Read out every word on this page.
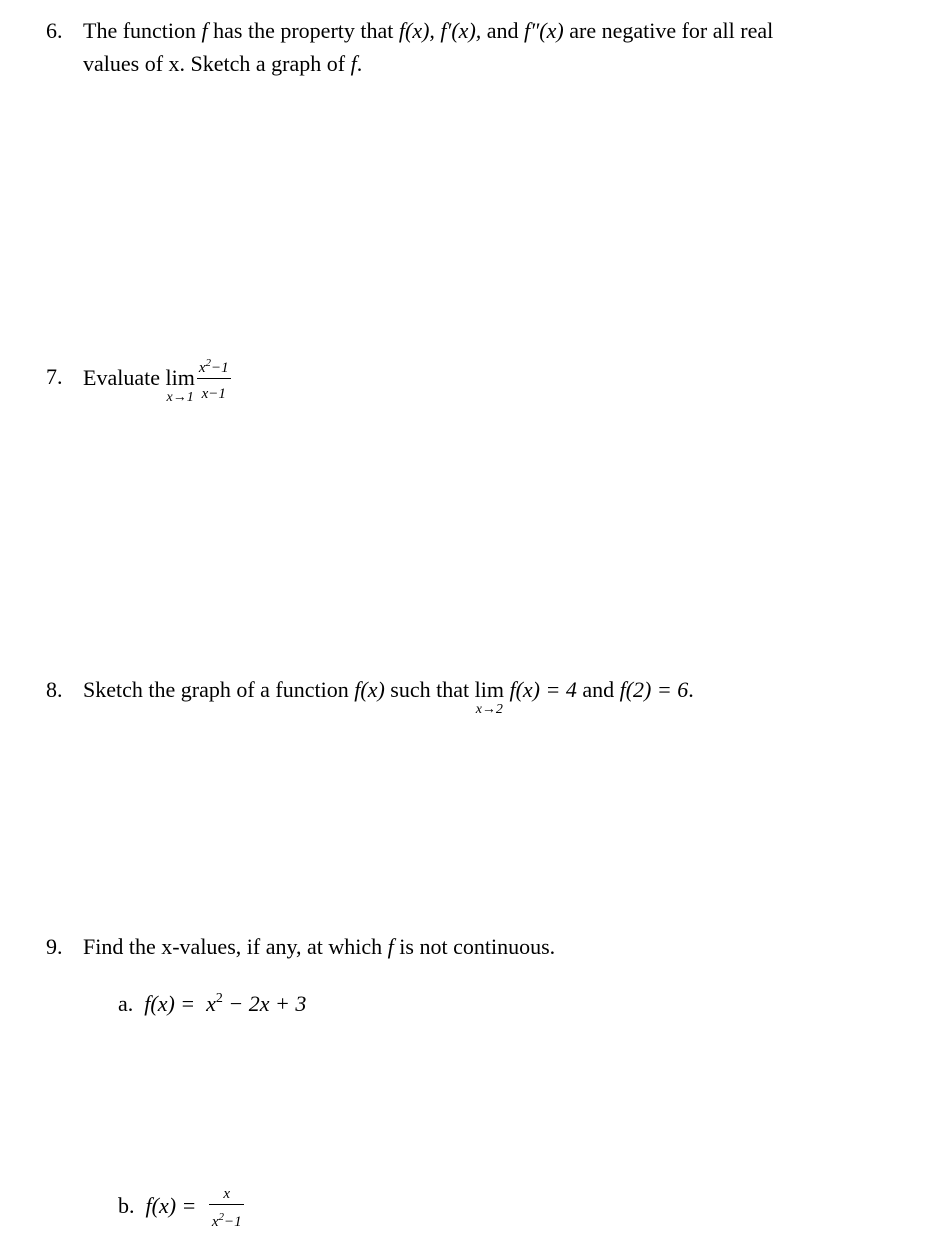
6. The function f has the property that f(x), f′(x), and f″(x) are negative for all real
values of x. Sketch a graph of f.
7. Evaluate lim
$x\to 1 \frac{x2-1}{x-1}$
8. Sketch the graph of a function f(x) such that lim
x→2
f(x) = 4 and f(2) = 6.
9. Find the x-values, if any, at which f is not continuous.
a. f(x) =  x2 − 2x + 3
b. $f(x) = \frac{x}{x2-1}$
